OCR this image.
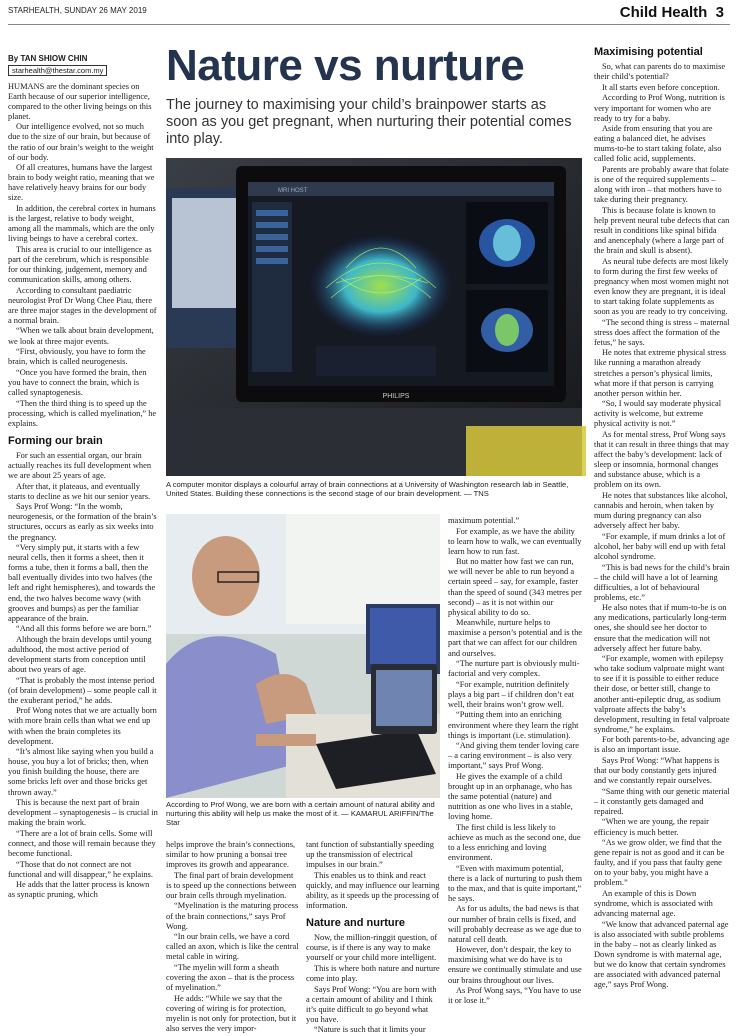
STARHEALTH, SUNDAY 26 MAY 2019	Child Health 3
By TAN SHIOW CHIN
starhealth@thestar.com.my

HUMANS are the dominant species on Earth because of our superior intelligence, compared to the other living beings on this planet.

Our intelligence evolved, not so much due to the size of our brain, but because of the ratio of our brain’s weight to the weight of our body.

Of all creatures, humans have the largest brain to body weight ratio, meaning that we have relatively heavy brains for our body size.

In addition, the cerebral cortex in humans is the largest, relative to body weight, among all the mammals, which are the only living beings to have a cerebral cortex.

This area is crucial to our intelligence as part of the cerebrum, which is responsible for our thinking, judgement, memory and communication skills, among others.

According to consultant paediatric neurologist Prof Dr Wong Chee Piau, there are three major stages in the development of a normal brain.

“When we talk about brain development, we look at three major events.

“First, obviously, you have to form the brain, which is called neurogenesis.

“Once you have formed the brain, then you have to connect the brain, which is called synaptogenesis.

“Then the third thing is to speed up the processing, which is called myelination,” he explains.

Forming our brain

For such an essential organ, our brain actually reaches its full development when we are about 25 years of age.

After that, it plateaus, and eventually starts to decline as we hit our senior years.

Says Prof Wong: “In the womb, neurogenesis, or the formation of the brain’s structures, occurs as early as six weeks into the pregnancy.

“Very simply put, it starts with a few neural cells, then it forms a sheet, then it forms a tube, then it forms a ball, then the ball eventually divides into two halves (the left and right hemispheres), and towards the end, the two halves become wavy (with grooves and bumps) as per the familiar appearance of the brain.

“And all this forms before we are born.”

Although the brain develops until young adulthood, the most active period of development starts from conception until about two years of age.

“That is probably the most intense period (of brain development) – some people call it the exuberant period,” he adds.

Prof Wong notes that we are actually born with more brain cells than what we end up with when the brain completes its development.

“It’s almost like saying when you build a house, you buy a lot of bricks; then, when you finish building the house, there are some bricks left over and those bricks get thrown away.”

This is because the next part of brain development – synaptogenesis – is crucial in making the brain work.

“There are a lot of brain cells. Some will connect, and those will remain because they become functional.

“Those that do not connect are not functional and will disappear,” he explains.

He adds that the latter process is known as synaptic pruning, which

Nature vs nurture
The journey to maximising your child’s brainpower starts as soon as you get pregnant, when nurturing their potential comes into play.
MRI HOST
PHILIPS
A computer monitor displays a colourful array of brain connections at a University of Washington research lab in Seattle, United States. Building these connections is the second stage of our brain development. — TNS
According to Prof Wong, we are born with a certain amount of natural ability and nurturing this ability will help us make the most of it. — KAMARUL ARIFFIN/The Star

helps improve the brain’s connections, similar to how pruning a bonsai tree improves its growth and appearance.

The final part of brain development is to speed up the connections between our brain cells through myelination.

“Myelination is the maturing process of the brain connections,” says Prof Wong.

“In our brain cells, we have a cord called an axon, which is like the central metal cable in wiring.

“The myelin will form a sheath covering the axon – that is the process of myelination.”

He adds: “While we say that the covering of wiring is for protection, myelin is not only for protection, but it also serves the very impor-

tant function of substantially speeding up the transmission of electrical impulses in our brain.”

This enables us to think and react quickly, and may influence our learning ability, as it speeds up the processing of information.

Nature and nurture

Now, the million-ringgit question, of course, is if there is any way to make yourself or your child more intelligent.

This is where both nature and nurture come into play.

Says Prof Wong: “You are born with a certain amount of ability and I think it’s quite difficult to go beyond what you have.

“Nature is such that it limits your

maximum potential.”

For example, as we have the ability to learn how to walk, we can eventually learn how to run fast.

But no matter how fast we can run, we will never be able to run beyond a certain speed – say, for example, faster than the speed of sound (343 metres per second) – as it is not within our physical ability to do so.

Meanwhile, nurture helps to maximise a person’s potential and is the part that we can affect for our children and ourselves.

“The nurture part is obviously multi-factorial and very complex.

“For example, nutrition definitely plays a big part – if children don’t eat well, their brains won’t grow well.

“Putting them into an enriching environment where they learn the right things is important (i.e. stimulation).

“And giving them tender loving care – a caring environment – is also very important,” says Prof Wong.

He gives the example of a child brought up in an orphanage, who has the same potential (nature) and nutrition as one who lives in a stable, loving home.

The first child is less likely to achieve as much as the second one, due to a less enriching and loving environment.

“Even with maximum potential, there is a lack of nurturing to push them to the max, and that is quite important,” he says.

As for us adults, the bad news is that our number of brain cells is fixed, and will probably decrease as we age due to natural cell death.

However, don’t despair, the key to maximising what we do have is to ensure we continually stimulate and use our brains throughout our lives.

As Prof Wong says, “You have to use it or lose it.”

Maximising potential

So, what can parents do to maximise their child’s potential?

It all starts even before conception.

According to Prof Wong, nutrition is very important for women who are ready to try for a baby.

Aside from ensuring that you are eating a balanced diet, he advises mums-to-be to start taking folate, also called folic acid, supplements.

Parents are probably aware that folate is one of the required supplements – along with iron – that mothers have to take during their pregnancy.

This is because folate is known to help prevent neural tube defects that can result in conditions like spinal bifida and anencephaly (where a large part of the brain and skull is absent).

As neural tube defects are most likely to form during the first few weeks of pregnancy when most women might not even know they are pregnant, it is ideal to start taking folate supplements as soon as you are ready to try conceiving.

“The second thing is stress – maternal stress does affect the formation of the fetus,” he says.

He notes that extreme physical stress like running a marathon already stretches a person’s physical limits, what more if that person is carrying another person within her.

“So, I would say moderate physical activity is welcome, but extreme physical activity is not.”

As for mental stress, Prof Wong says that it can result in three things that may affect the baby’s development: lack of sleep or insomnia, hormonal changes and substance abuse, which is a problem on its own.

He notes that substances like alcohol, cannabis and heroin, when taken by mum during pregnancy can also adversely affect her baby.

“For example, if mum drinks a lot of alcohol, her baby will end up with fetal alcohol syndrome.

“This is bad news for the child’s brain – the child will have a lot of learning difficulties, a lot of behavioural problems, etc.”

He also notes that if mum-to-be is on any medications, particularly long-term ones, she should see her doctor to ensure that the medication will not adversely affect her future baby.

“For example, women with epilepsy who take sodium valproate might want to see if it is possible to either reduce their dose, or better still, change to another anti-epileptic drug, as sodium valproate affects the baby’s development, resulting in fetal valproate syndrome,” he explains.

For both parents-to-be, advancing age is also an important issue.

Says Prof Wong: “What happens is that our body constantly gets injured and we constantly repair ourselves.

“Same thing with our genetic material – it constantly gets damaged and repaired.

“When we are young, the repair efficiency is much better.

“As we grow older, we find that the gene repair is not as good and it can be faulty, and if you pass that faulty gene on to your baby, you might have a problem.”

An example of this is Down syndrome, which is associated with advancing maternal age.

“We know that advanced paternal age is also associated with subtle problems in the baby – not as clearly linked as Down syndrome is with maternal age, but we do know that certain syndromes are associated with advanced paternal age,” says Prof Wong.
